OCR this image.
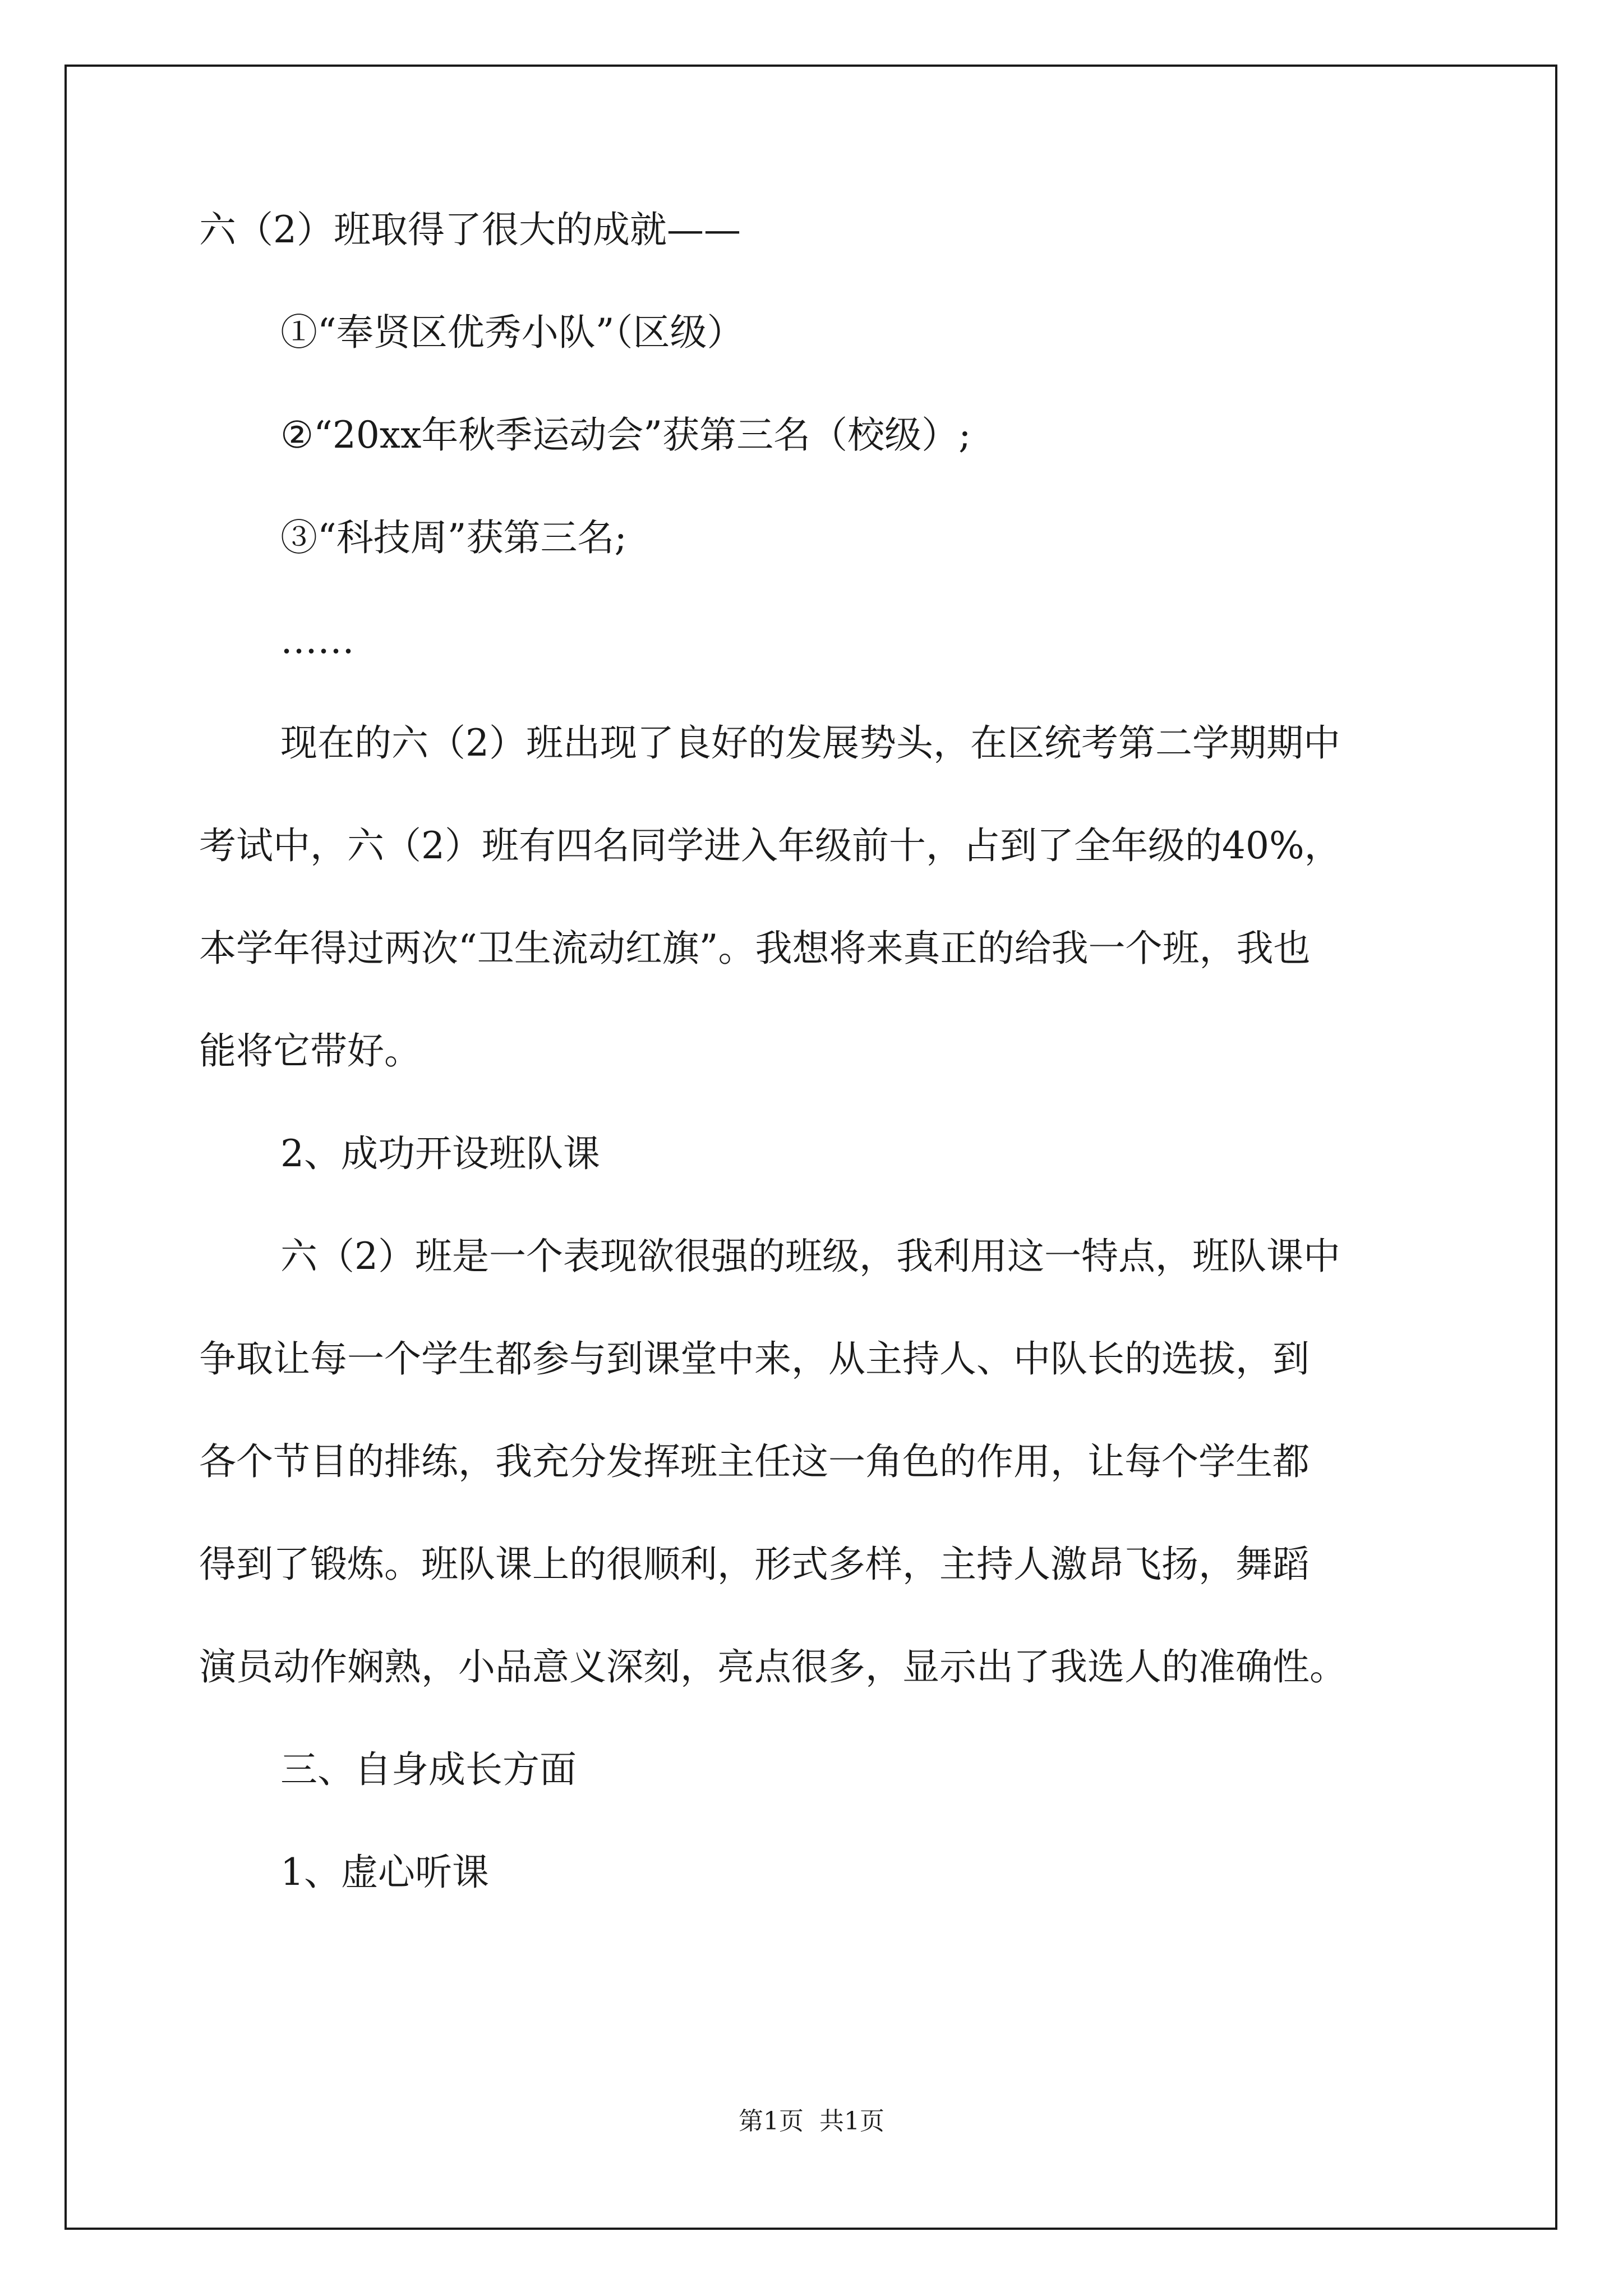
六（2）班取得了很大的成就——
①“奉贤区优秀小队”（区级）
②“20xx年秋季运动会”获第三名（校级）;
③“科技周”获第三名;
……
现在的六（2）班出现了良好的发展势头，在区统考第二学期期中
考试中，六（2）班有四名同学进入年级前十，占到了全年级的40%，
本学年得过两次“卫生流动红旗”。我想将来真正的给我一个班，我也
能将它带好。
2、成功开设班队课
六（2）班是一个表现欲很强的班级，我利用这一特点，班队课中
争取让每一个学生都参与到课堂中来，从主持人、中队长的选拔，到
各个节目的排练，我充分发挥班主任这一角色的作用，让每个学生都
得到了锻炼。班队课上的很顺利，形式多样，主持人激昂飞扬，舞蹈
演员动作娴熟，小品意义深刻，亮点很多，显示出了我选人的准确性。
三、自身成长方面
1、虚心听课
第1页  共1页
